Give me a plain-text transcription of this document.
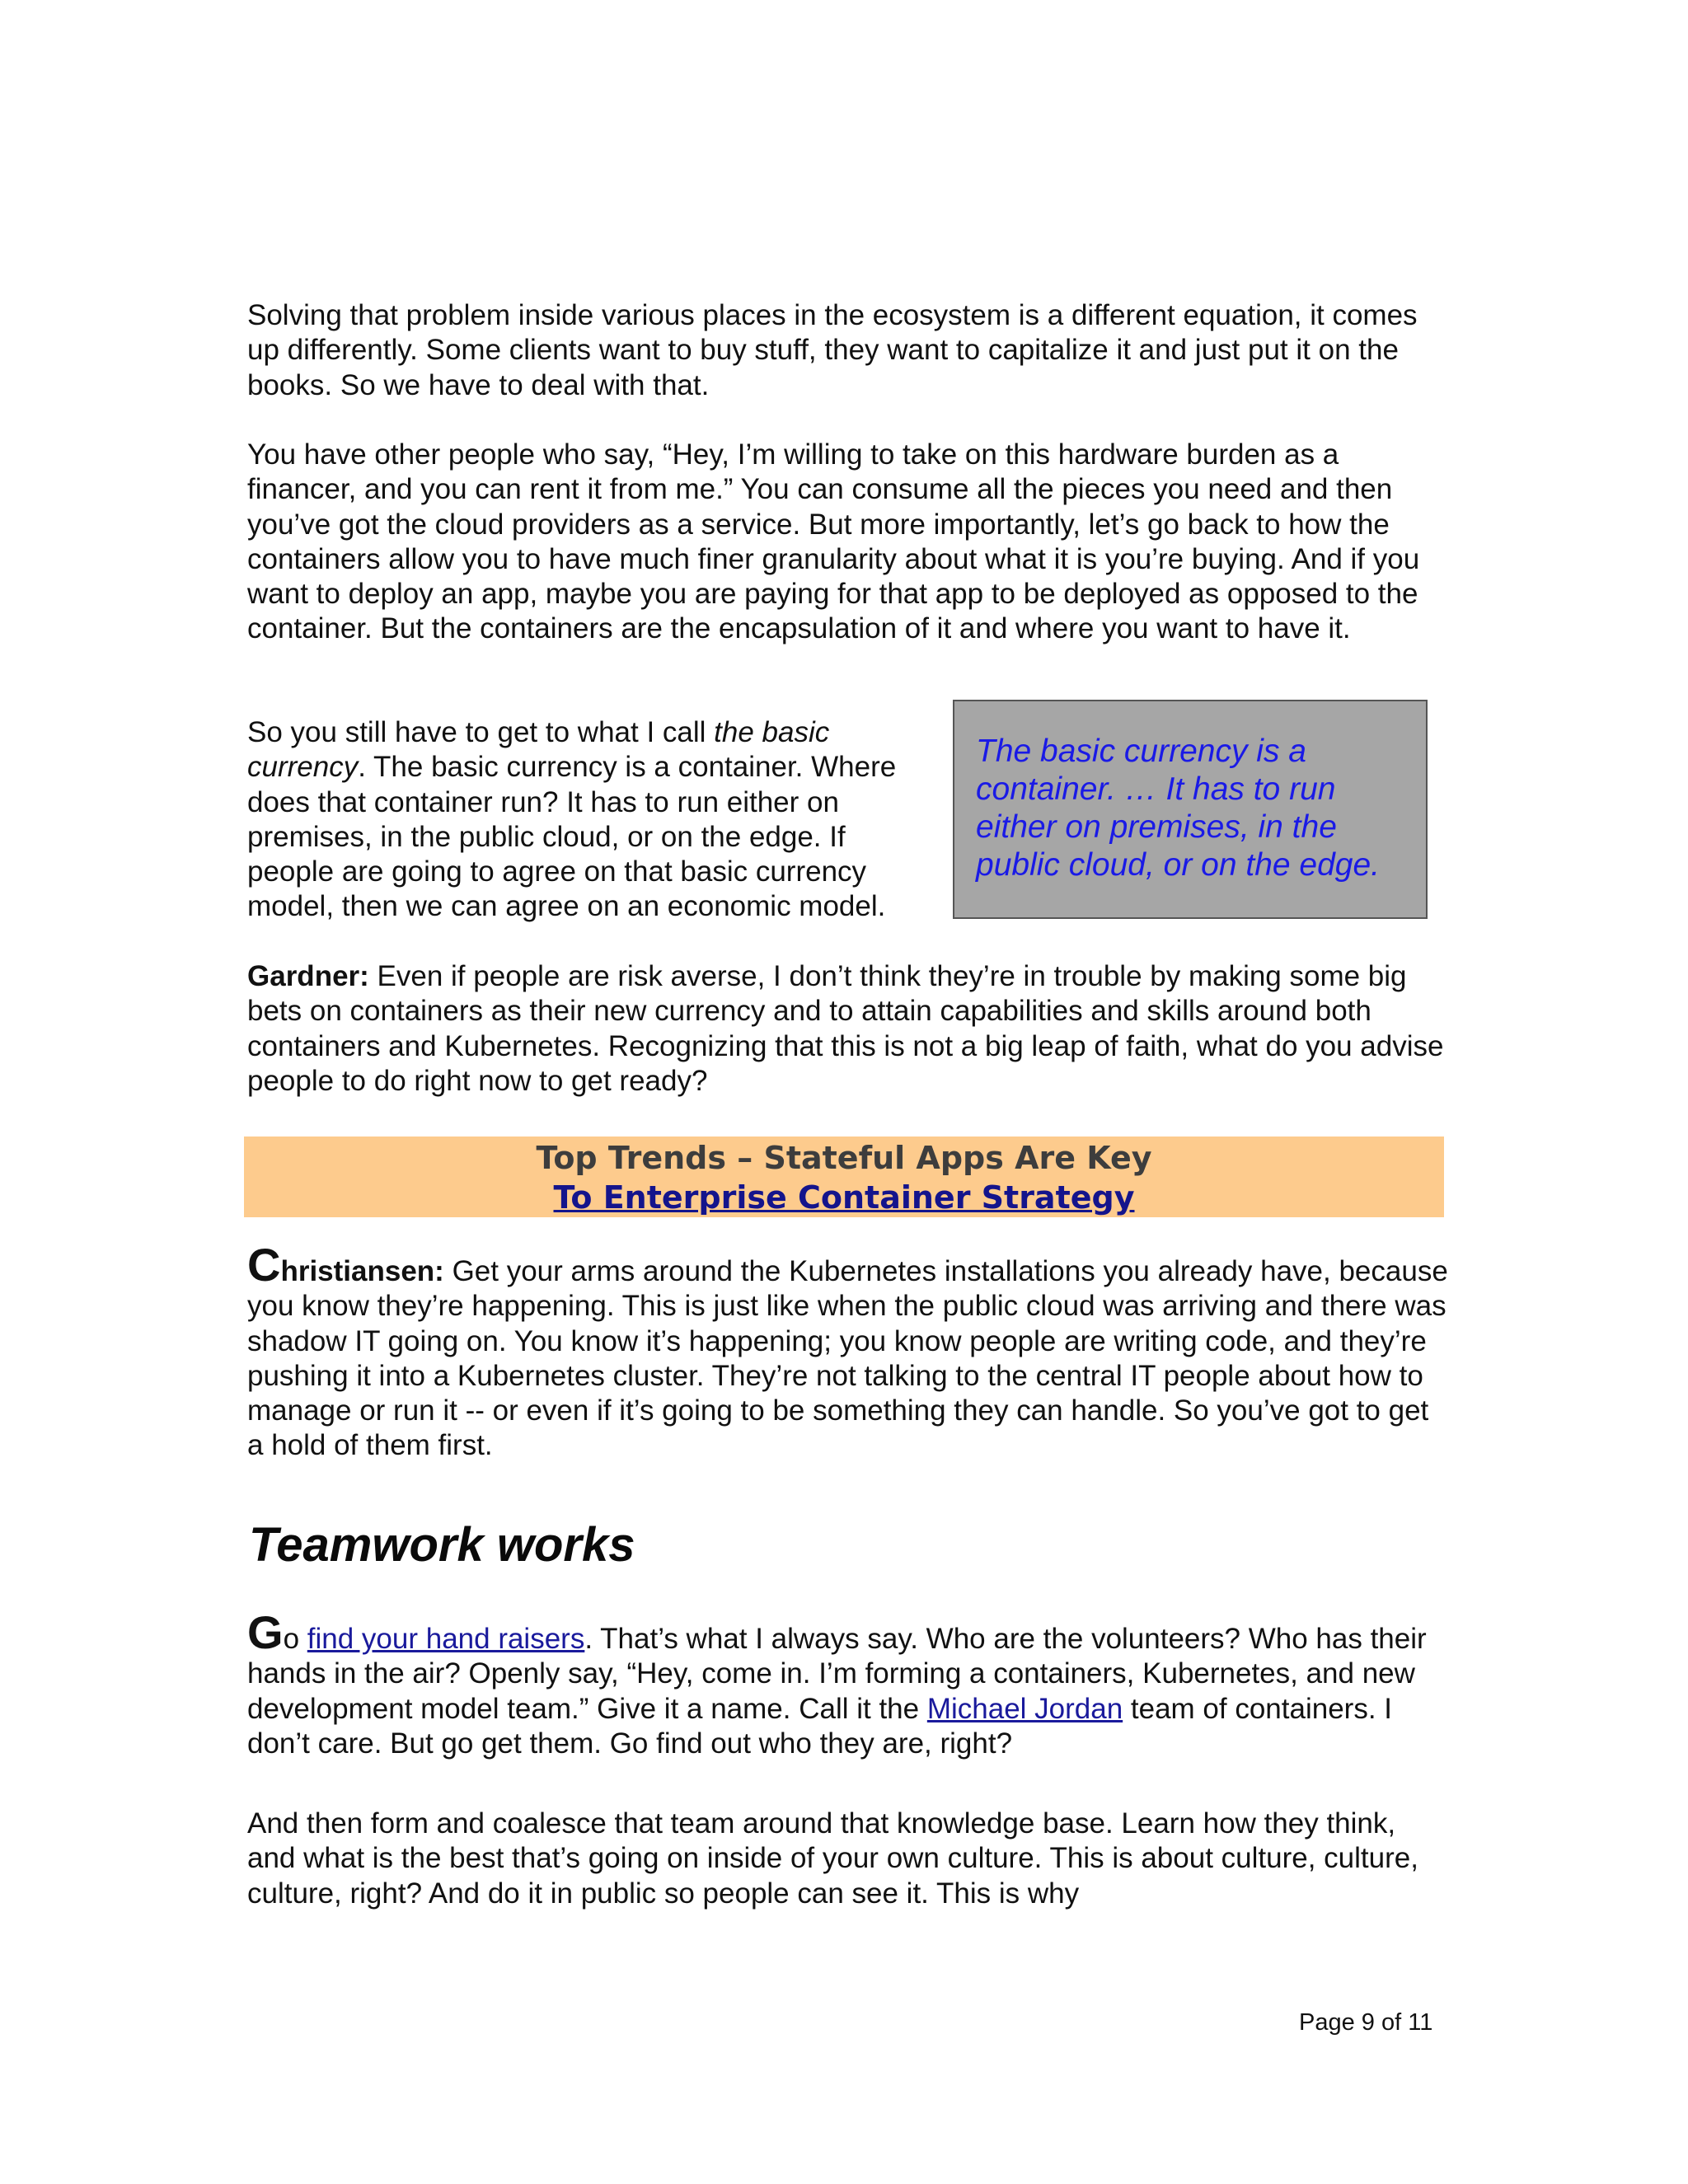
Solving that problem inside various places in the ecosystem is a different equation, it comes up differently. Some clients want to buy stuff, they want to capitalize it and just put it on the books. So we have to deal with that.

You have other people who say, “Hey, I’m willing to take on this hardware burden as a financer, and you can rent it from me.” You can consume all the pieces you need and then you’ve got the cloud providers as a service. But more importantly, let’s go back to how the containers allow you to have much finer granularity about what it is you’re buying. And if you want to deploy an app, maybe you are paying for that app to be deployed as opposed to the container. But the containers are the encapsulation of it and where you want to have it.

So you still have to get to what I call the basic currency. The basic currency is a container. Where does that container run? It has to run either on premises, in the public cloud, or on the edge. If people are going to agree on that basic currency model, then we can agree on an economic model.

The basic currency is a container. … It has to run either on premises, in the public cloud, or on the edge.

Gardner: Even if people are risk averse, I don’t think they’re in trouble by making some big bets on containers as their new currency and to attain capabilities and skills around both containers and Kubernetes. Recognizing that this is not a big leap of faith, what do you advise people to do right now to get ready?

Top Trends – Stateful Apps Are Key
To Enterprise Container Strategy

Christiansen: Get your arms around the Kubernetes installations you already have, because you know they’re happening. This is just like when the public cloud was arriving and there was shadow IT going on. You know it’s happening; you know people are writing code, and they’re pushing it into a Kubernetes cluster. They’re not talking to the central IT people about how to manage or run it -- or even if it’s going to be something they can handle. So you’ve got to get a hold of them first.

Teamwork works

Go find your hand raisers. That’s what I always say. Who are the volunteers? Who has their hands in the air? Openly say, “Hey, come in. I’m forming a containers, Kubernetes, and new development model team.” Give it a name. Call it the Michael Jordan team of containers. I don’t care. But go get them. Go find out who they are, right?

And then form and coalesce that team around that knowledge base. Learn how they think, and what is the best that’s going on inside of your own culture. This is about culture, culture, culture, right? And do it in public so people can see it. This is why

Page 9 of 11
